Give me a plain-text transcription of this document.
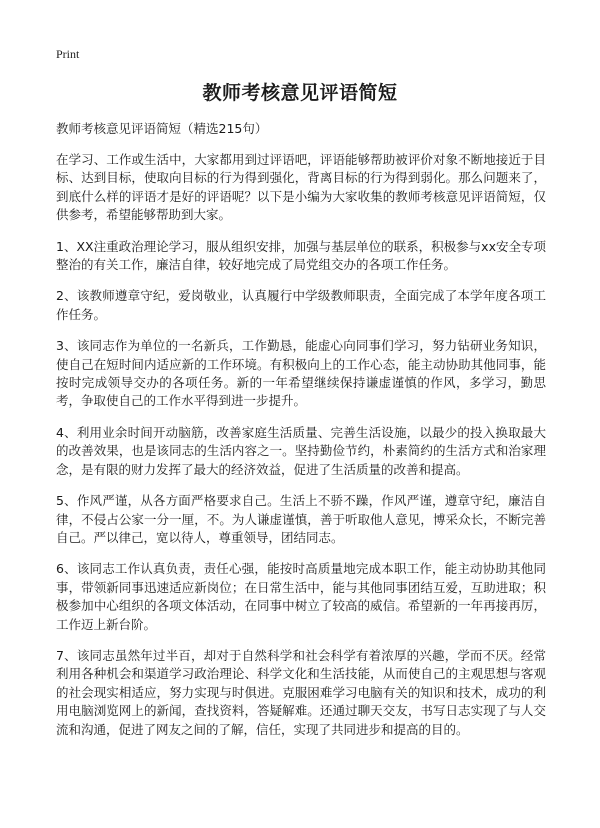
Print
教师考核意见评语简短

教师考核意见评语简短（精选215句）

在学习、工作或生活中，大家都用到过评语吧，评语能够帮助被评价对象不断地接近于目标、达到目标，使取向目标的行为得到强化，背离目标的行为得到弱化。那么问题来了，到底什么样的评语才是好的评语呢？以下是小编为大家收集的教师考核意见评语简短，仅供参考，希望能够帮助到大家。

1、XX注重政治理论学习，服从组织安排，加强与基层单位的联系，积极参与xx安全专项整治的有关工作，廉洁自律，较好地完成了局党组交办的各项工作任务。

2、该教师遵章守纪，爱岗敬业，认真履行中学级教师职责，全面完成了本学年度各项工作任务。

3、该同志作为单位的一名新兵，工作勤恳，能虚心向同事们学习，努力钻研业务知识，使自己在短时间内适应新的工作环境。有积极向上的工作心态，能主动协助其他同事，能按时完成领导交办的各项任务。新的一年希望继续保持谦虚谨慎的作风，多学习，勤思考，争取使自己的工作水平得到进一步提升。

4、利用业余时间开动脑筋，改善家庭生活质量、完善生活设施，以最少的投入换取最大的改善效果，也是该同志的生活内容之一。坚持勤俭节约，朴素简约的生活方式和治家理念，是有限的财力发挥了最大的经济效益，促进了生活质量的改善和提高。

5、作风严谨，从各方面严格要求自己。生活上不骄不躁，作风严谨，遵章守纪，廉洁自律，不侵占公家一分一厘，不。为人谦虚谨慎，善于听取他人意见，博采众长，不断完善自己。严以律己，宽以待人，尊重领导，团结同志。

6、该同志工作认真负责，责任心强，能按时高质量地完成本职工作，能主动协助其他同事，带领新同事迅速适应新岗位；在日常生活中，能与其他同事团结互爱，互助进取；积极参加中心组织的各项文体活动，在同事中树立了较高的威信。希望新的一年再接再厉，工作迈上新台阶。

7、该同志虽然年过半百，却对于自然科学和社会科学有着浓厚的兴趣，学而不厌。经常利用各种机会和渠道学习政治理论、科学文化和生活技能，从而使自己的主观思想与客观的社会现实相适应，努力实现与时俱进。克服困难学习电脑有关的知识和技术，成功的利用电脑浏览网上的新闻，查找资料，答疑解难。还通过聊天交友，书写日志实现了与人交流和沟通，促进了网友之间的了解，信任，实现了共同进步和提高的目的。
